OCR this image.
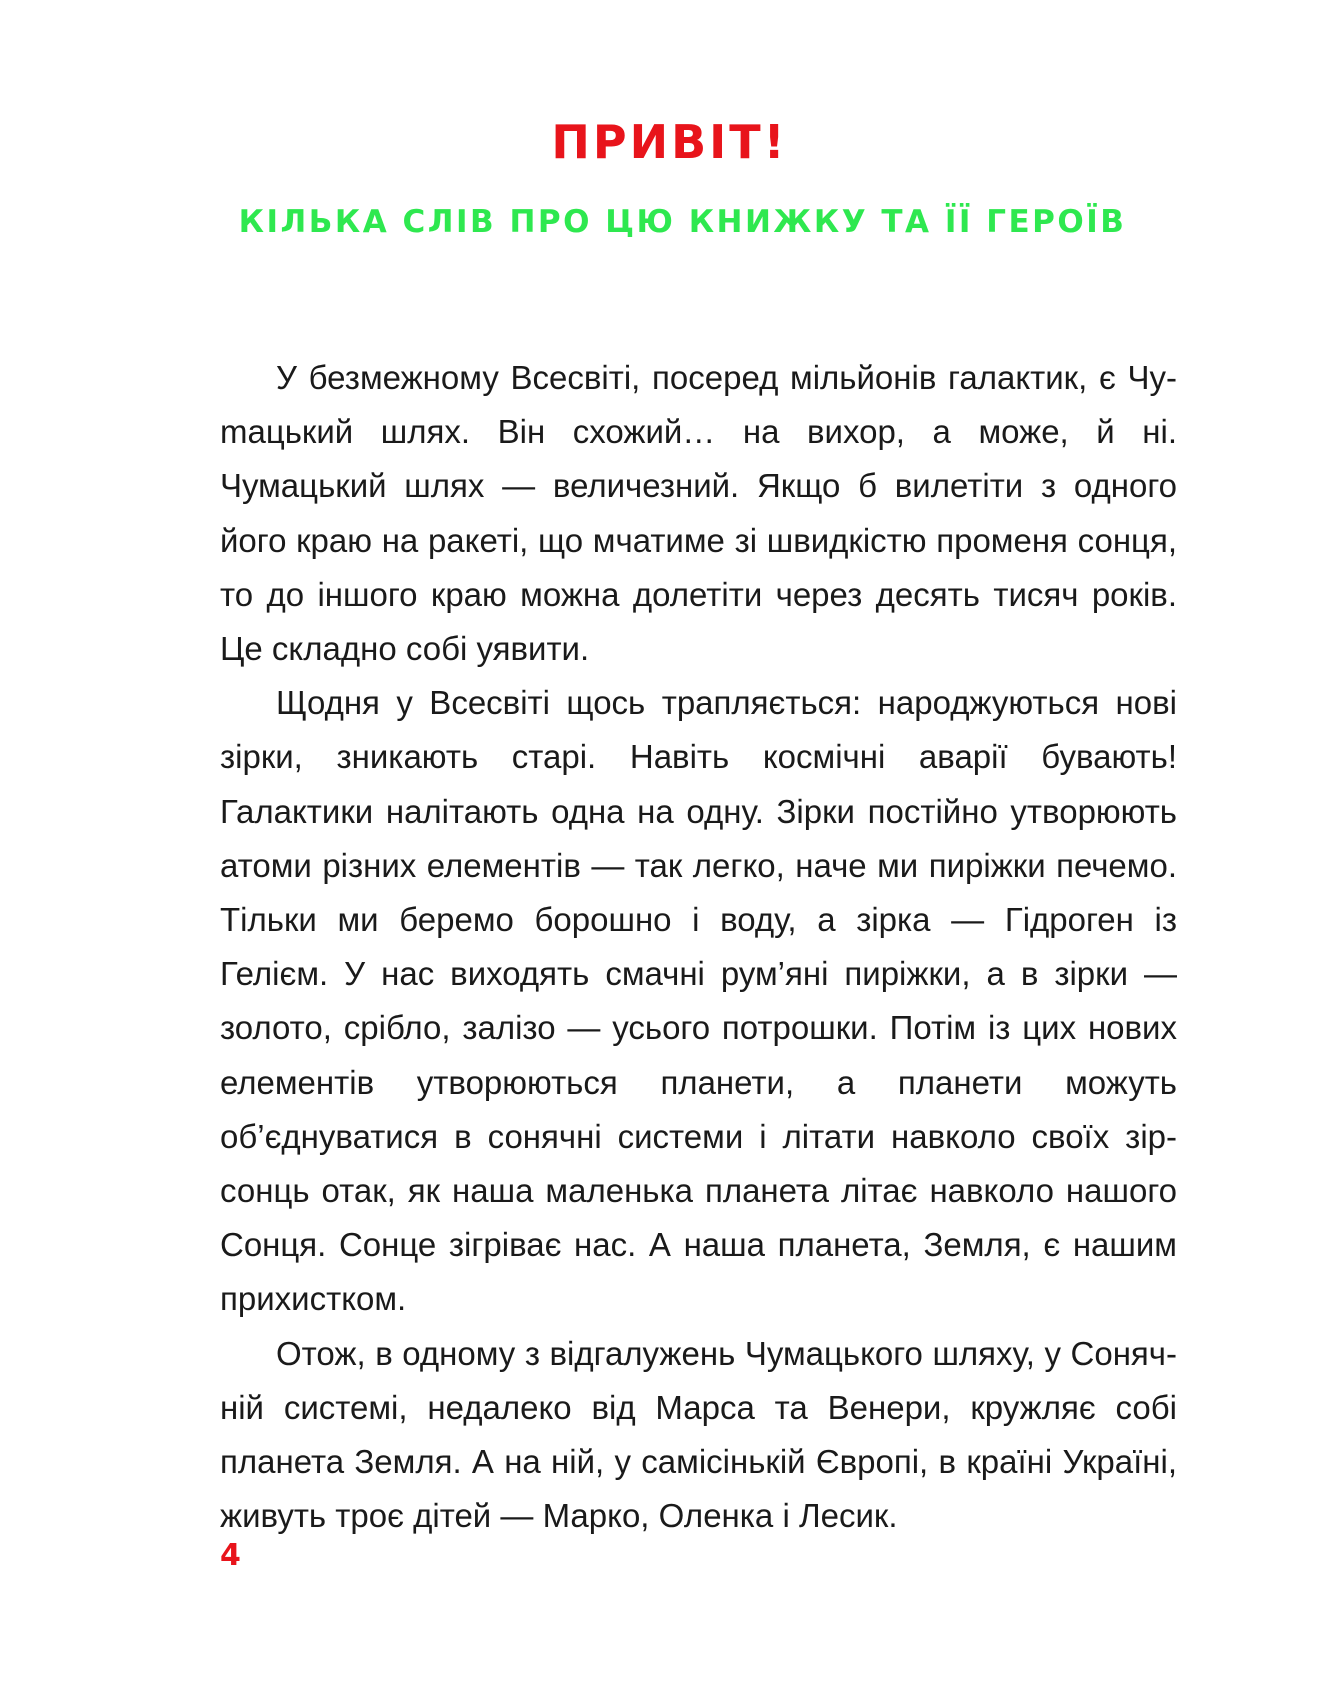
ПРИВІТ!
КІЛЬКА СЛІВ ПРО ЦЮ КНИЖКУ ТА ЇЇ ГЕРОЇВ

У безмежному Всесвіті, посеред мільйонів галактик, є Чуmацький шлях. Він схожий… на вихор, а може, й ні. Чумацький шлях — величезний. Якщо б вилетіти з одного його краю на ракеті, що мчатиме зі швидкістю променя сонця, то до іншого краю можна долетіти через десять тисяч років. Це складно собі уявити.

Щодня у Всесвіті щось трапляється: народжуються нові зірки, зникають старі. Навіть космічні аварії бувають! Галактики налітають одна на одну. Зірки постійно утворюють атоми різних елементів — так легко, наче ми пиріжки печемо. Тільки ми беремо борошно і воду, а зірка — Гідроген із Гелієм. У нас виходять смачні рум’яні пиріжки, а в зірки — золото, срібло, залізо — усього потрошки. Потім із цих нових елементів утворюються планети, а планети можуть об’єднуватися в сонячні системи і літати навколо своїх зір-сонць отак, як наша маленька планета літає навколо нашого Сонця. Сонце зігріває нас. А наша планета, Земля, є нашим прихистком.

Отож, в одному з відгалужень Чумацького шляху, у Сонячній системі, недалеко від Марса та Венери, кружляє собі планета Земля. А на ній, у самісінькій Європі, в країні Україні, живуть троє дітей — Марко, Оленка і Лесик.

4
